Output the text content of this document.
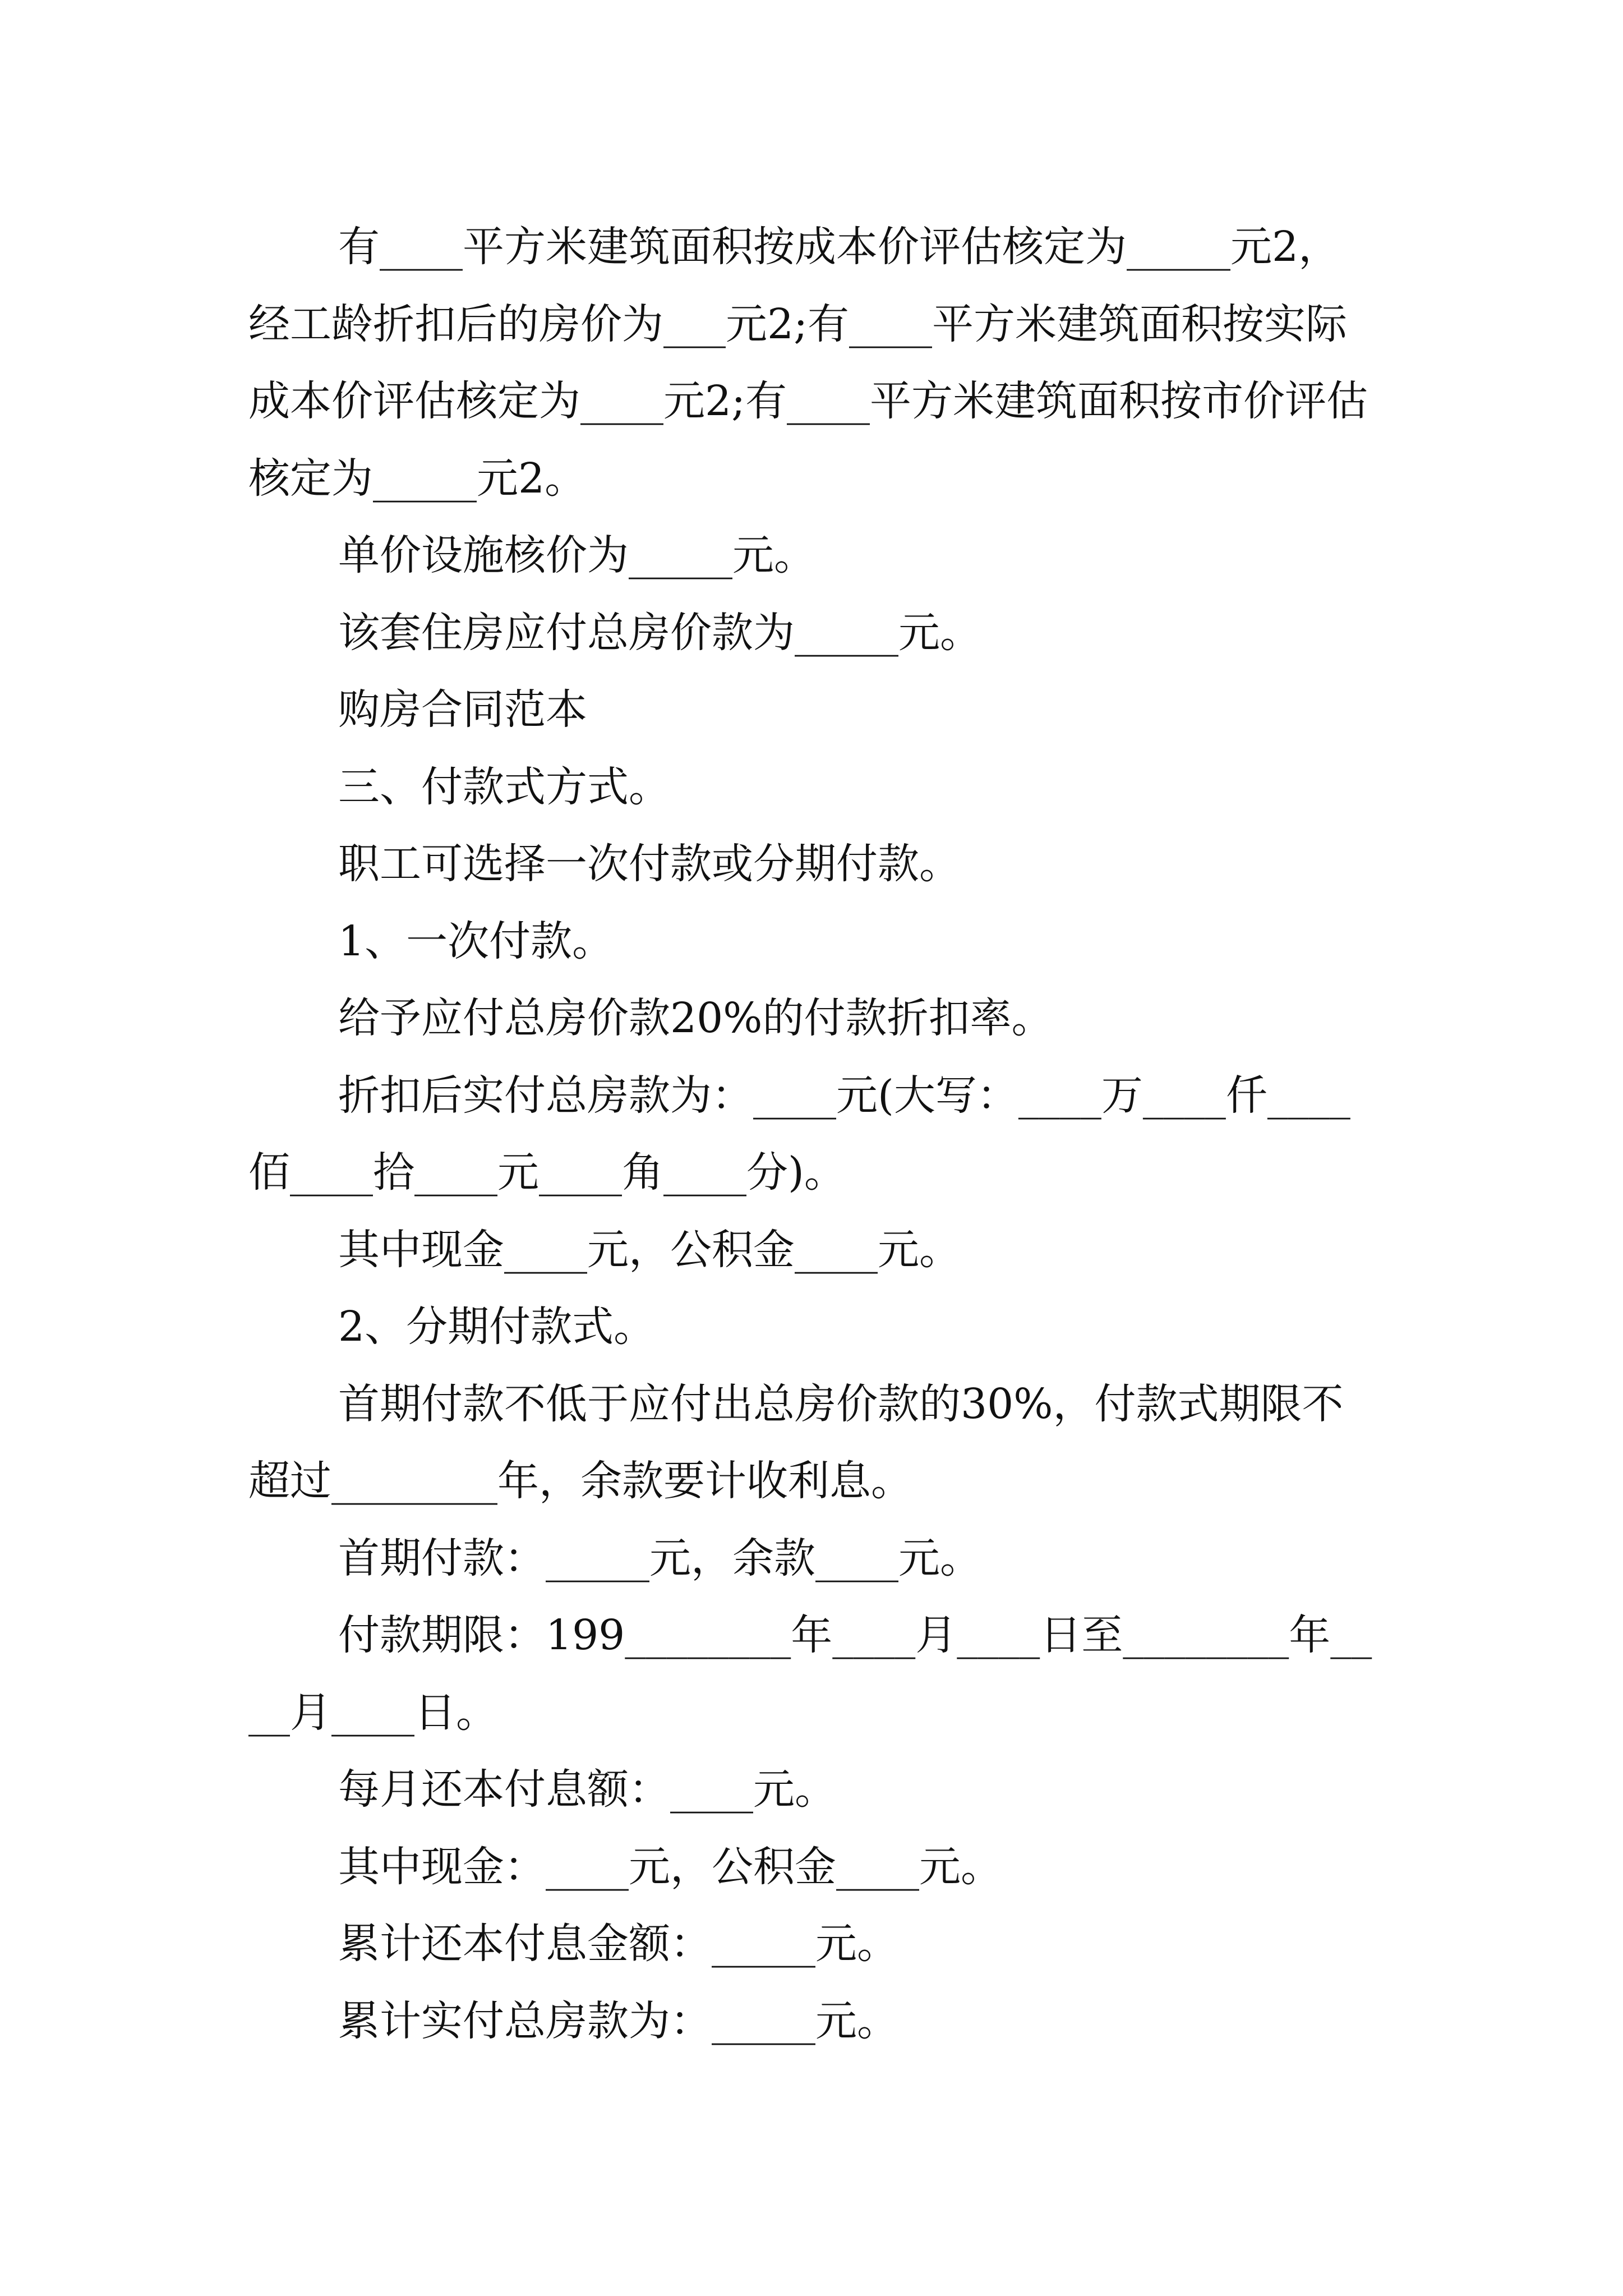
有____平方米建筑面积按成本价评估核定为_____元2，经工龄折扣后的房价为___元2;有____平方米建筑面积按实际成本价评估核定为____元2;有____平方米建筑面积按市价评估核定为_____元2。

单价设施核价为_____元。

该套住房应付总房价款为_____元。

购房合同范本

三、付款式方式。

职工可选择一次付款或分期付款。

1、一次付款。

给予应付总房价款20%的付款折扣率。

折扣后实付总房款为：____元(大写：____万____仟____佰____拾____元____角____分)。

其中现金____元，公积金____元。

2、分期付款式。

首期付款不低于应付出总房价款的30%，付款式期限不超过________年，余款要计收利息。

首期付款：_____元，余款____元。

付款期限：199________年____月____日至________年____月____日。

每月还本付息额：____元。

其中现金：____元，公积金____元。

累计还本付息金额：_____元。

累计实付总房款为：_____元。
